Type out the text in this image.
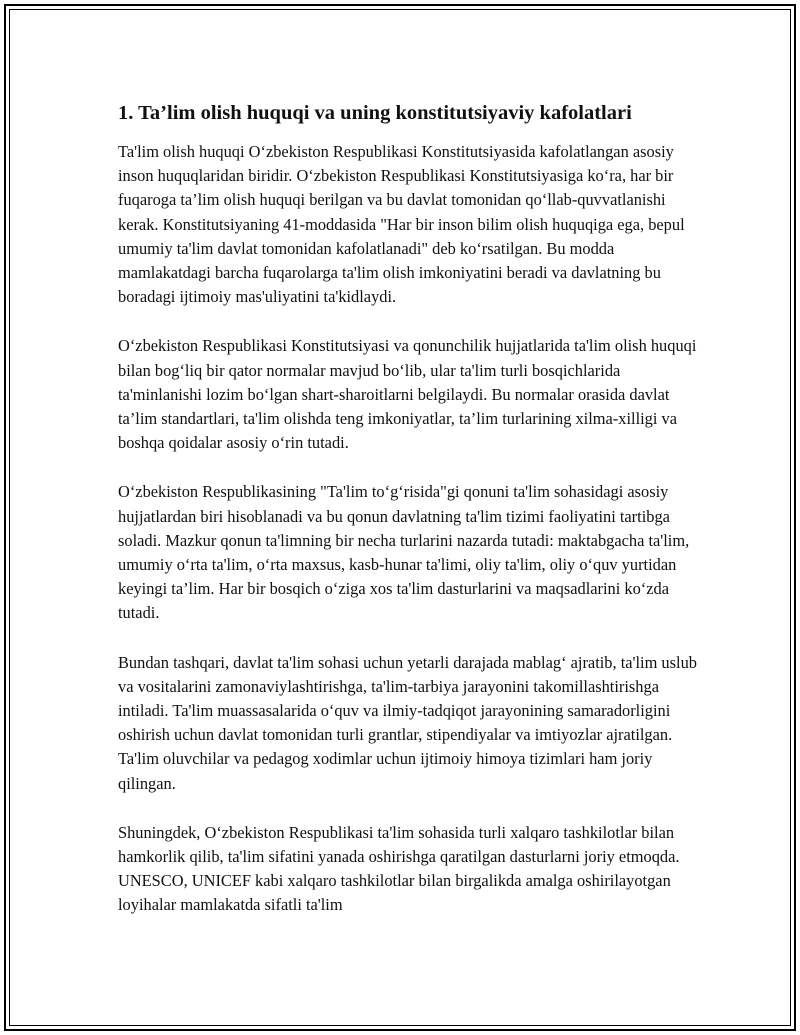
1. Ta’lim olish huquqi va uning konstitutsiyaviy kafolatlari

Ta'lim olish huquqi O‘zbekiston Respublikasi Konstitutsiyasida kafolatlangan asosiy inson huquqlaridan biridir. O‘zbekiston Respublikasi Konstitutsiyasiga ko‘ra, har bir fuqaroga ta’lim olish huquqi berilgan va bu davlat tomonidan qo‘llab-quvvatlanishi kerak. Konstitutsiyaning 41-moddasida "Har bir inson bilim olish huquqiga ega, bepul umumiy ta'lim davlat tomonidan kafolatlanadi" deb ko‘rsatilgan. Bu modda mamlakatdagi barcha fuqarolarga ta'lim olish imkoniyatini beradi va davlatning bu boradagi ijtimoiy mas'uliyatini ta'kidlaydi.

O‘zbekiston Respublikasi Konstitutsiyasi va qonunchilik hujjatlarida ta'lim olish huquqi bilan bog‘liq bir qator normalar mavjud bo‘lib, ular ta'lim turli bosqichlarida ta'minlanishi lozim bo‘lgan shart-sharoitlarni belgilaydi. Bu normalar orasida davlat ta’lim standartlari, ta'lim olishda teng imkoniyatlar, ta’lim turlarining xilma-xilligi va boshqa qoidalar asosiy o‘rin tutadi.

O‘zbekiston Respublikasining "Ta'lim to‘g‘risida"gi qonuni ta'lim sohasidagi asosiy hujjatlardan biri hisoblanadi va bu qonun davlatning ta'lim tizimi faoliyatini tartibga soladi. Mazkur qonun ta'limning bir necha turlarini nazarda tutadi: maktabgacha ta'lim, umumiy o‘rta ta'lim, o‘rta maxsus, kasb-hunar ta'limi, oliy ta'lim, oliy o‘quv yurtidan keyingi ta’lim. Har bir bosqich o‘ziga xos ta'lim dasturlarini va maqsadlarini ko‘zda tutadi.

Bundan tashqari, davlat ta'lim sohasi uchun yetarli darajada mablag‘ ajratib, ta'lim uslub va vositalarini zamonaviylashtirishga, ta'lim-tarbiya jarayonini takomillashtirishga intiladi. Ta'lim muassasalarida o‘quv va ilmiy-tadqiqot jarayonining samaradorligini oshirish uchun davlat tomonidan turli grantlar, stipendiyalar va imtiyozlar ajratilgan. Ta'lim oluvchilar va pedagog xodimlar uchun ijtimoiy himoya tizimlari ham joriy qilingan.

Shuningdek, O‘zbekiston Respublikasi ta'lim sohasida turli xalqaro tashkilotlar bilan hamkorlik qilib, ta'lim sifatini yanada oshirishga qaratilgan dasturlarni joriy etmoqda. UNESCO, UNICEF kabi xalqaro tashkilotlar bilan birgalikda amalga oshirilayotgan loyihalar mamlakatda sifatli ta'lim
